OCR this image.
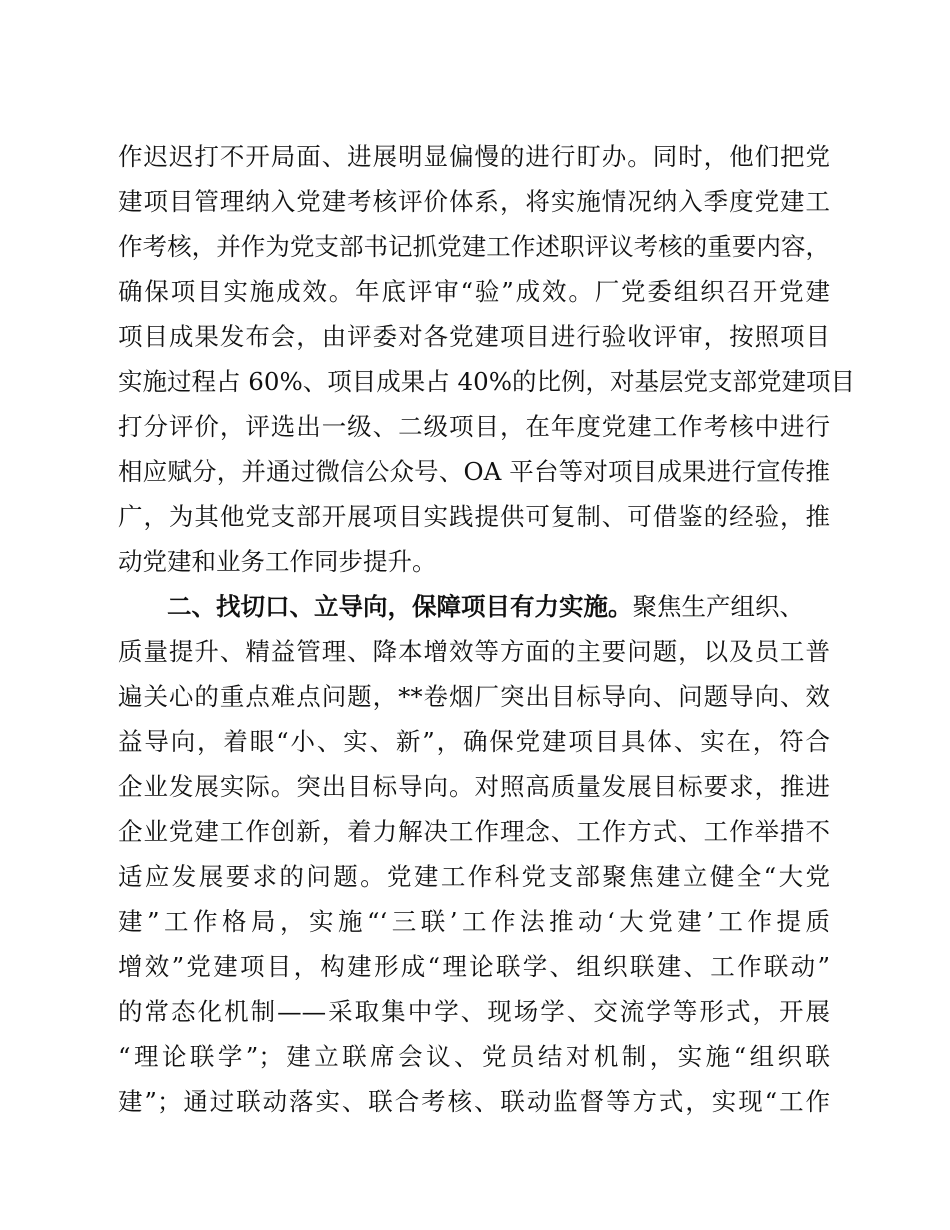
作迟迟打不开局面、进展明显偏慢的进行盯办。同时，他们把党
建项目管理纳入党建考核评价体系，将实施情况纳入季度党建工
作考核，并作为党支部书记抓党建工作述职评议考核的重要内容，
确保项目实施成效。年底评审“验”成效。厂党委组织召开党建
项目成果发布会，由评委对各党建项目进行验收评审，按照项目
实施过程占 60%、项目成果占 40%的比例，对基层党支部党建项目
打分评价，评选出一级、二级项目，在年度党建工作考核中进行
相应赋分，并通过微信公众号、OA 平台等对项目成果进行宣传推
广，为其他党支部开展项目实践提供可复制、可借鉴的经验，推
动党建和业务工作同步提升。
二、找切口、立导向，保障项目有力实施。聚焦生产组织、
质量提升、精益管理、降本增效等方面的主要问题，以及员工普
遍关心的重点难点问题，**卷烟厂突出目标导向、问题导向、效
益导向，着眼“小、实、新”，确保党建项目具体、实在，符合
企业发展实际。突出目标导向。对照高质量发展目标要求，推进
企业党建工作创新，着力解决工作理念、工作方式、工作举措不
适应发展要求的问题。党建工作科党支部聚焦建立健全“大党
建”工作格局，实施“‘三联’工作法推动‘大党建’工作提质
增效”党建项目，构建形成“理论联学、组织联建、工作联动”
的常态化机制——采取集中学、现场学、交流学等形式，开展
“理论联学”；建立联席会议、党员结对机制，实施“组织联
建”；通过联动落实、联合考核、联动监督等方式，实现“工作
